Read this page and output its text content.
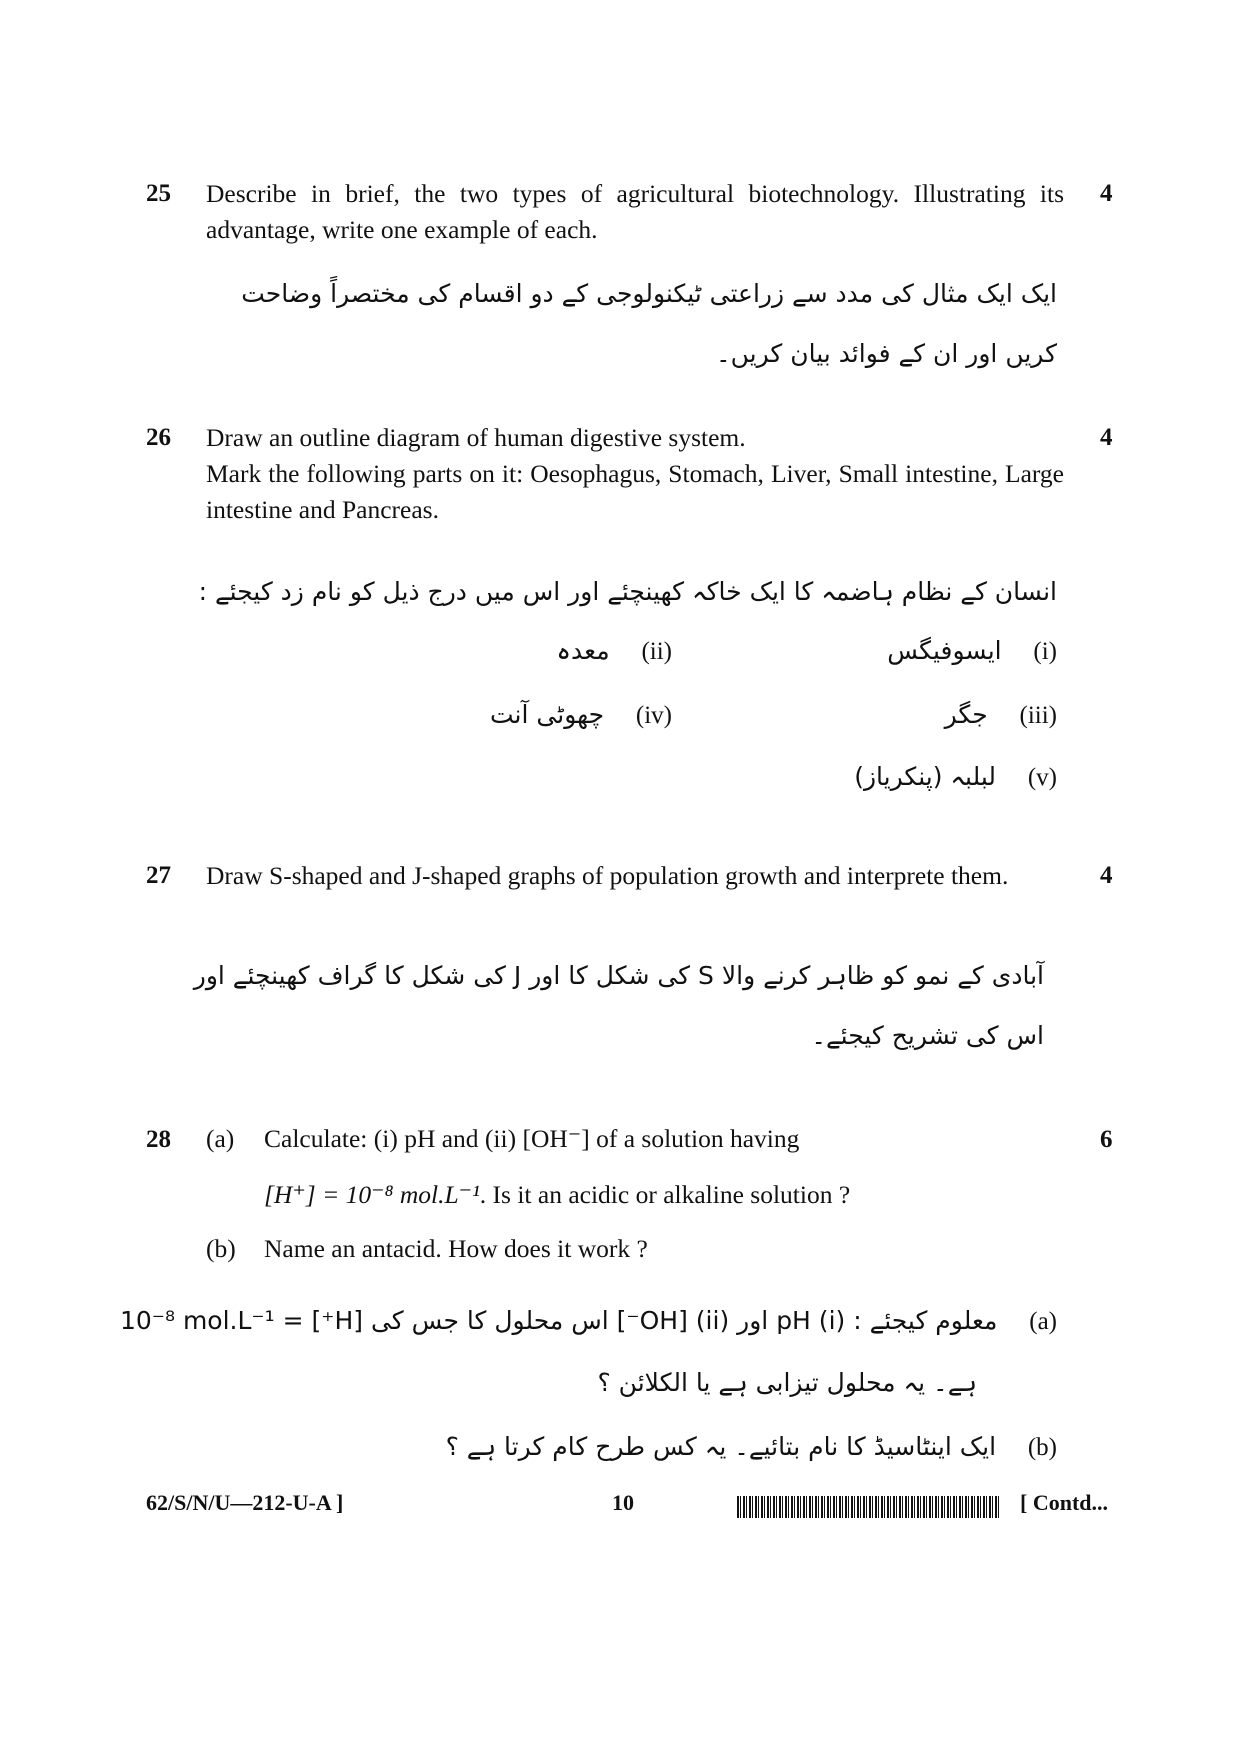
25	4

Describe in brief, the two types of agricultural biotechnology. Illustrating its advantage, write one example of each.

ایک ایک مثال کی مدد سے زراعتی ٹیکنولوجی کے دو اقسام کی مختصراً وضاحت کریں اور ان کے فوائد بیان کریں۔
26	4

Draw an outline diagram of human digestive system.

Mark the following parts on it: Oesophagus, Stomach, Liver, Small intestine, Large intestine and Pancreas.

انسان کے نظام ہاضمہ کا ایک خاکہ کھینچئے اور اس میں درج ذیل کو نام زد کیجئے :
(i)    ایسوفیگس
(ii)    معدہ
(iii)    جگر
(iv)    چھوٹی آنت
(v)    لبلبہ (پنکریاز)
27	4

Draw S-shaped and J-shaped graphs of population growth and interprete them.

آبادی کے نمو کو ظاہر کرنے والا S کی شکل کا اور J کی شکل کا گراف کھینچئے اور اس کی تشریح کیجئے۔
28	6
(a) Calculate: (i) pH and (ii) [OH⁻] of a solution having
[H⁺] = 10⁻⁸ mol.L⁻¹. Is it an acidic or alkaline solution ?
(b) Name an antacid. How does it work ?
(a)    معلوم کیجئے : (i) pH اور (ii) [OH⁻] اس محلول کا جس کی [H⁺] = 10⁻⁸ mol.L⁻¹
ہے۔ یہ محلول تیزابی ہے یا الکلائن ؟
(b)    ایک اینٹاسیڈ کا نام بتائیے۔ یہ کس طرح کام کرتا ہے ؟
62/S/N/U—212-U-A ]	10	[ Contd...
